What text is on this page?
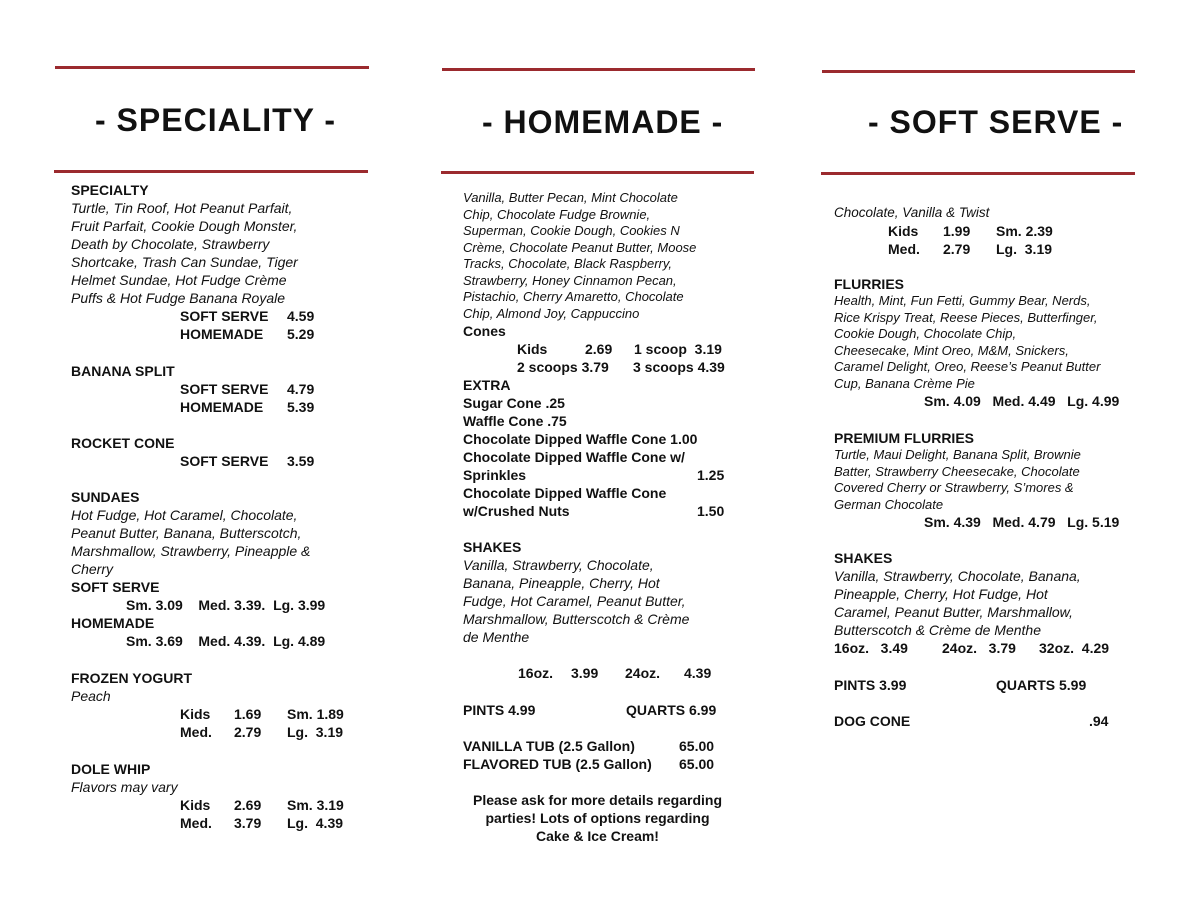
- SPECIALITY -
SPECIALTY
Turtle, Tin Roof, Hot Peanut Parfait,
Fruit Parfait, Cookie Dough Monster,
Death by Chocolate, Strawberry
Shortcake, Trash Can Sundae, Tiger
Helmet Sundae, Hot Fudge Crème
Puffs & Hot Fudge Banana Royale
SOFT SERVE 4.59
HOMEMADE 5.29
BANANA SPLIT
SOFT SERVE 4.79
HOMEMADE 5.39
ROCKET CONE
SOFT SERVE 3.59
SUNDAES
Hot Fudge, Hot Caramel, Chocolate,
Peanut Butter, Banana, Butterscotch,
Marshmallow, Strawberry, Pineapple &
Cherry
SOFT SERVE
Sm. 3.09    Med. 3.39.  Lg. 3.99
HOMEMADE
Sm. 3.69    Med. 4.39.  Lg. 4.89
FROZEN YOGURT
Peach
Kids 1.69 Sm. 1.89
Med. 2.79 Lg.  3.19
DOLE WHIP
Flavors may vary
Kids 2.69 Sm. 3.19
Med. 3.79 Lg.  4.39
- HOMEMADE -
Vanilla, Butter Pecan, Mint Chocolate
Chip, Chocolate Fudge Brownie,
Superman, Cookie Dough, Cookies N
Crème, Chocolate Peanut Butter, Moose
Tracks, Chocolate, Black Raspberry,
Strawberry, Honey Cinnamon Pecan,
Pistachio, Cherry Amaretto, Chocolate
Chip, Almond Joy, Cappuccino
Cones
Kids	2.69 1 scoop  3.19
2 scoops 3.79 3 scoops 4.39
EXTRA
Sugar Cone .25
Waffle Cone .75
Chocolate Dipped Waffle Cone 1.00
Chocolate Dipped Waffle Cone w/
Sprinkles	1.25
Chocolate Dipped Waffle Cone
w/Crushed Nuts	1.50
SHAKES
Vanilla, Strawberry, Chocolate,
Banana, Pineapple, Cherry, Hot
Fudge, Hot Caramel, Peanut Butter,
Marshmallow, Butterscotch & Crème
de Menthe
16oz. 3.99 24oz. 4.39
PINTS 4.99	QUARTS 6.99
VANILLA TUB (2.5 Gallon)	65.00
FLAVORED TUB (2.5 Gallon) 65.00
Please ask for more details regarding
parties! Lots of options regarding
Cake & Ice Cream!
- SOFT SERVE -
Chocolate, Vanilla & Twist
Kids 1.99 Sm. 2.39
Med. 2.79 Lg.  3.19
FLURRIES
Health, Mint, Fun Fetti, Gummy Bear, Nerds,
Rice Krispy Treat, Reese Pieces, Butterfinger,
Cookie Dough, Chocolate Chip,
Cheesecake, Mint Oreo, M&M, Snickers,
Caramel Delight, Oreo, Reese’s Peanut Butter
Cup, Banana Crème Pie
Sm. 4.09   Med. 4.49   Lg. 4.99
PREMIUM FLURRIES
Turtle, Maui Delight, Banana Split, Brownie
Batter, Strawberry Cheesecake, Chocolate
Covered Cherry or Strawberry, S’mores &
German Chocolate
Sm. 4.39   Med. 4.79   Lg. 5.19
SHAKES
Vanilla, Strawberry, Chocolate, Banana,
Pineapple, Cherry, Hot Fudge, Hot
Caramel, Peanut Butter, Marshmallow,
Butterscotch & Crème de Menthe
16oz.   3.49 24oz.   3.79 32oz.  4.29
PINTS 3.99	QUARTS 5.99
DOG CONE	.94
